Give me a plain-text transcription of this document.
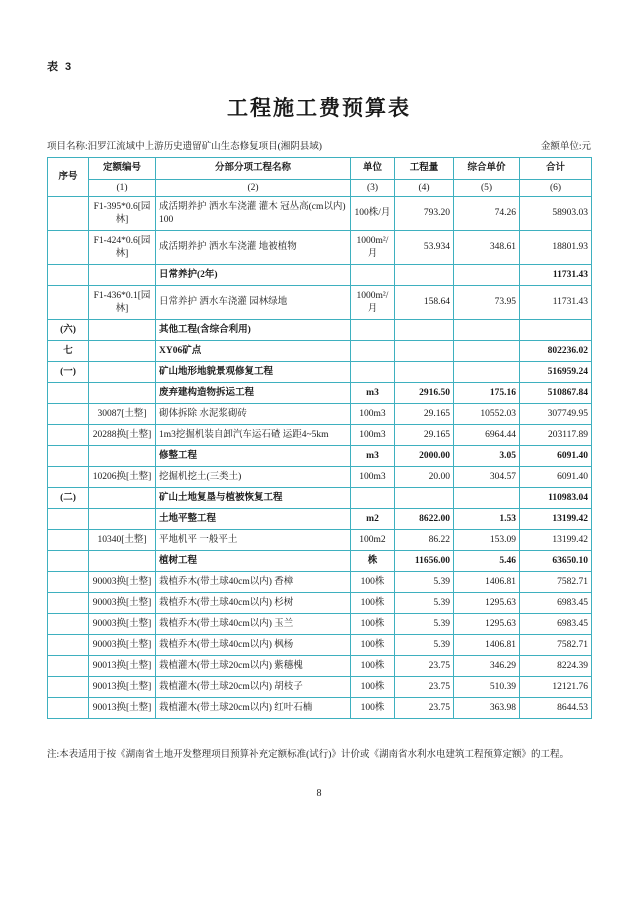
表 3
工程施工费预算表
项目名称:汨罗江流域中上游历史遗留矿山生态修复项目(湘阴县域)	金额单位:元
序号	定额编号	分部分项工程名称	单位	工程量	综合单价	合计
	(1)	(2)	(3)	(4)	(5)	(6)
	F1-395*0.6[园林]	成活期养护 洒水车浇灌 灌木 冠丛高(cm以内) 100	100株/月	793.20	74.26	58903.03
	F1-424*0.6[园林]	成活期养护 洒水车浇灌 地被植物	1000m²/月	53.934	348.61	18801.93
		日常养护(2年)				11731.43
	F1-436*0.1[园林]	日常养护 洒水车浇灌 园林绿地	1000m²/月	158.64	73.95	11731.43
(六)		其他工程(含综合利用)				
七		XY06矿点				802236.02
(一)		矿山地形地貌景观修复工程				516959.24
		废弃建构造物拆运工程	m3	2916.50	175.16	510867.84
	30087[土整]	砌体拆除 水泥浆砌砖	100m3	29.165	10552.03	307749.95
	20288换[土整]	1m3挖掘机装自卸汽车运石碴 运距4~5km	100m3	29.165	6964.44	203117.89
		修整工程	m3	2000.00	3.05	6091.40
	10206换[土整]	挖掘机挖土(三类土)	100m3	20.00	304.57	6091.40
(二)		矿山土地复垦与植被恢复工程				110983.04
		土地平整工程	m2	8622.00	1.53	13199.42
	10340[土整]	平地机平 一般平土	100m2	86.22	153.09	13199.42
		植树工程	株	11656.00	5.46	63650.10
	90003换[土整]	栽植乔木(带土球40cm以内) 香樟	100株	5.39	1406.81	7582.71
	90003换[土整]	栽植乔木(带土球40cm以内) 杉树	100株	5.39	1295.63	6983.45
	90003换[土整]	栽植乔木(带土球40cm以内) 玉兰	100株	5.39	1295.63	6983.45
	90003换[土整]	栽植乔木(带土球40cm以内) 枫杨	100株	5.39	1406.81	7582.71
	90013换[土整]	栽植灌木(带土球20cm以内) 紫穗槐	100株	23.75	346.29	8224.39
	90013换[土整]	栽植灌木(带土球20cm以内) 胡枝子	100株	23.75	510.39	12121.76
	90013换[土整]	栽植灌木(带土球20cm以内) 红叶石楠	100株	23.75	363.98	8644.53
注:本表适用于按《湖南省土地开发整理项目预算补充定额标准(试行)》计价或《湖南省水利水电建筑工程预算定额》的工程。
8
